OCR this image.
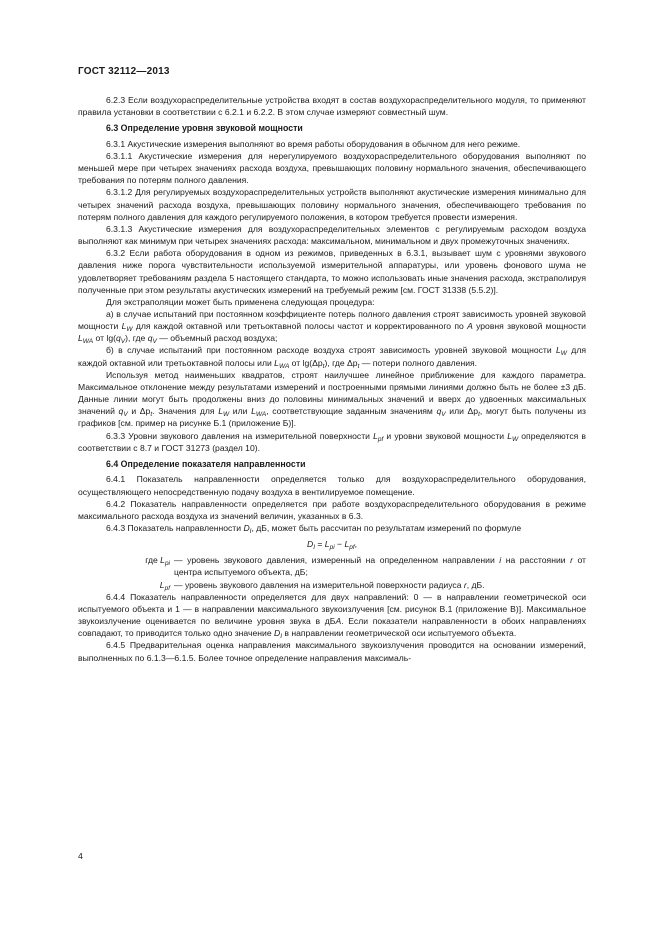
ГОСТ 32112—2013

6.2.3 Если воздухораспределительные устройства входят в состав воздухораспределительного модуля, то применяют правила установки в соответствии с 6.2.1 и 6.2.2. В этом случае измеряют совместный шум.

6.3 Определение уровня звуковой мощности

6.3.1 Акустические измерения выполняют во время работы оборудования в обычном для него режиме.

6.3.1.1 Акустические измерения для нерегулируемого воздухораспределительного оборудования выполняют по меньшей мере при четырех значениях расхода воздуха, превышающих половину нормального значения, обеспечивающего требования по потерям полного давления.

6.3.1.2 Для регулируемых воздухораспределительных устройств выполняют акустические измерения минимально для четырех значений расхода воздуха, превышающих половину нормального значения, обеспечивающего требования по потерям полного давления для каждого регулируемого положения, в котором требуется провести измерения.

6.3.1.3 Акустические измерения для воздухораспределительных элементов с регулируемым расходом воздуха выполняют как минимум при четырех значениях расхода: максимальном, минимальном и двух промежуточных значениях.

6.3.2 Если работа оборудования в одном из режимов, приведенных в 6.3.1, вызывает шум с уровнями звукового давления ниже порога чувствительности используемой измерительной аппаратуры, или уровень фонового шума не удовлетворяет требованиям раздела 5 настоящего стандарта, то можно использовать иные значения расхода, экстраполируя полученные при этом результаты акустических измерений на требуемый режим [см. ГОСТ 31338 (5.5.2)].

Для экстраполяции может быть применена следующая процедура:

а) в случае испытаний при постоянном коэффициенте потерь полного давления строят зависимость уровней звуковой мощности $L_W$ для каждой октавной или третьоктавной полосы частот и корректированного по A уровня звуковой мощности $L_{WA}$ от $\lg(q_V)$, где $q_V$ — объемный расход воздуха;

б) в случае испытаний при постоянном расходе воздуха строят зависимость уровней звуковой мощности $L_W$ для каждой октавной или третьоктавной полосы или $L_{WA}$ от $\lg(\Delta p_t)$, где $\Delta p_t$ — потери полного давления.

Используя метод наименьших квадратов, строят наилучшее линейное приближение для каждого параметра. Максимальное отклонение между результатами измерений и построенными прямыми линиями должно быть не более ±3 дБ. Данные линии могут быть продолжены вниз до половины минимальных значений и вверх до удвоенных максимальных значений $q_V$ и $\Delta p_t$. Значения для $L_W$ или $L_{WA}$, соответствующие заданным значениям $q_V$ или $\Delta p_t$, могут быть получены из графиков [см. пример на рисунке Б.1 (приложение Б)].

6.3.3 Уровни звукового давления на измерительной поверхности $L_{pf}$ и уровни звуковой мощности $L_W$ определяются в соответствии с 8.7 и ГОСТ 31273 (раздел 10).

6.4 Определение показателя направленности

6.4.1 Показатель направленности определяется только для воздухораспределительного оборудования, осуществляющего непосредственную подачу воздуха в вентилируемое помещение.

6.4.2 Показатель направленности определяется при работе воздухораспределительного оборудования в режиме максимального расхода воздуха из значений величин, указанных в 6.3.

6.4.3 Показатель направленности $D_I$, дБ, может быть рассчитан по результатам измерений по формуле

$D_I = L_{pi} - L_{pf}$,
где $L_{pi}$ — уровень звукового давления, измеренный на определенном направлении i на расстоянии r от центра испытуемого объекта, дБ;
$L_{pf}$ — уровень звукового давления на измерительной поверхности радиуса r, дБ.

6.4.4 Показатель направленности определяется для двух направлений: 0 — в направлении геометрической оси испытуемого объекта и 1 — в направлении максимального звукоизлучения [см. рисунок В.1 (приложение В)]. Максимальное звукоизлучение оценивается по величине уровня звука в дБA. Если показатели направленности в обоих направлениях совпадают, то приводится только одно значение $D_I$ в направлении геометрической оси испытуемого объекта.

6.4.5 Предварительная оценка направления максимального звукоизлучения проводится на основании измерений, выполненных по 6.1.3—6.1.5. Более точное определение направления максималь-

4
